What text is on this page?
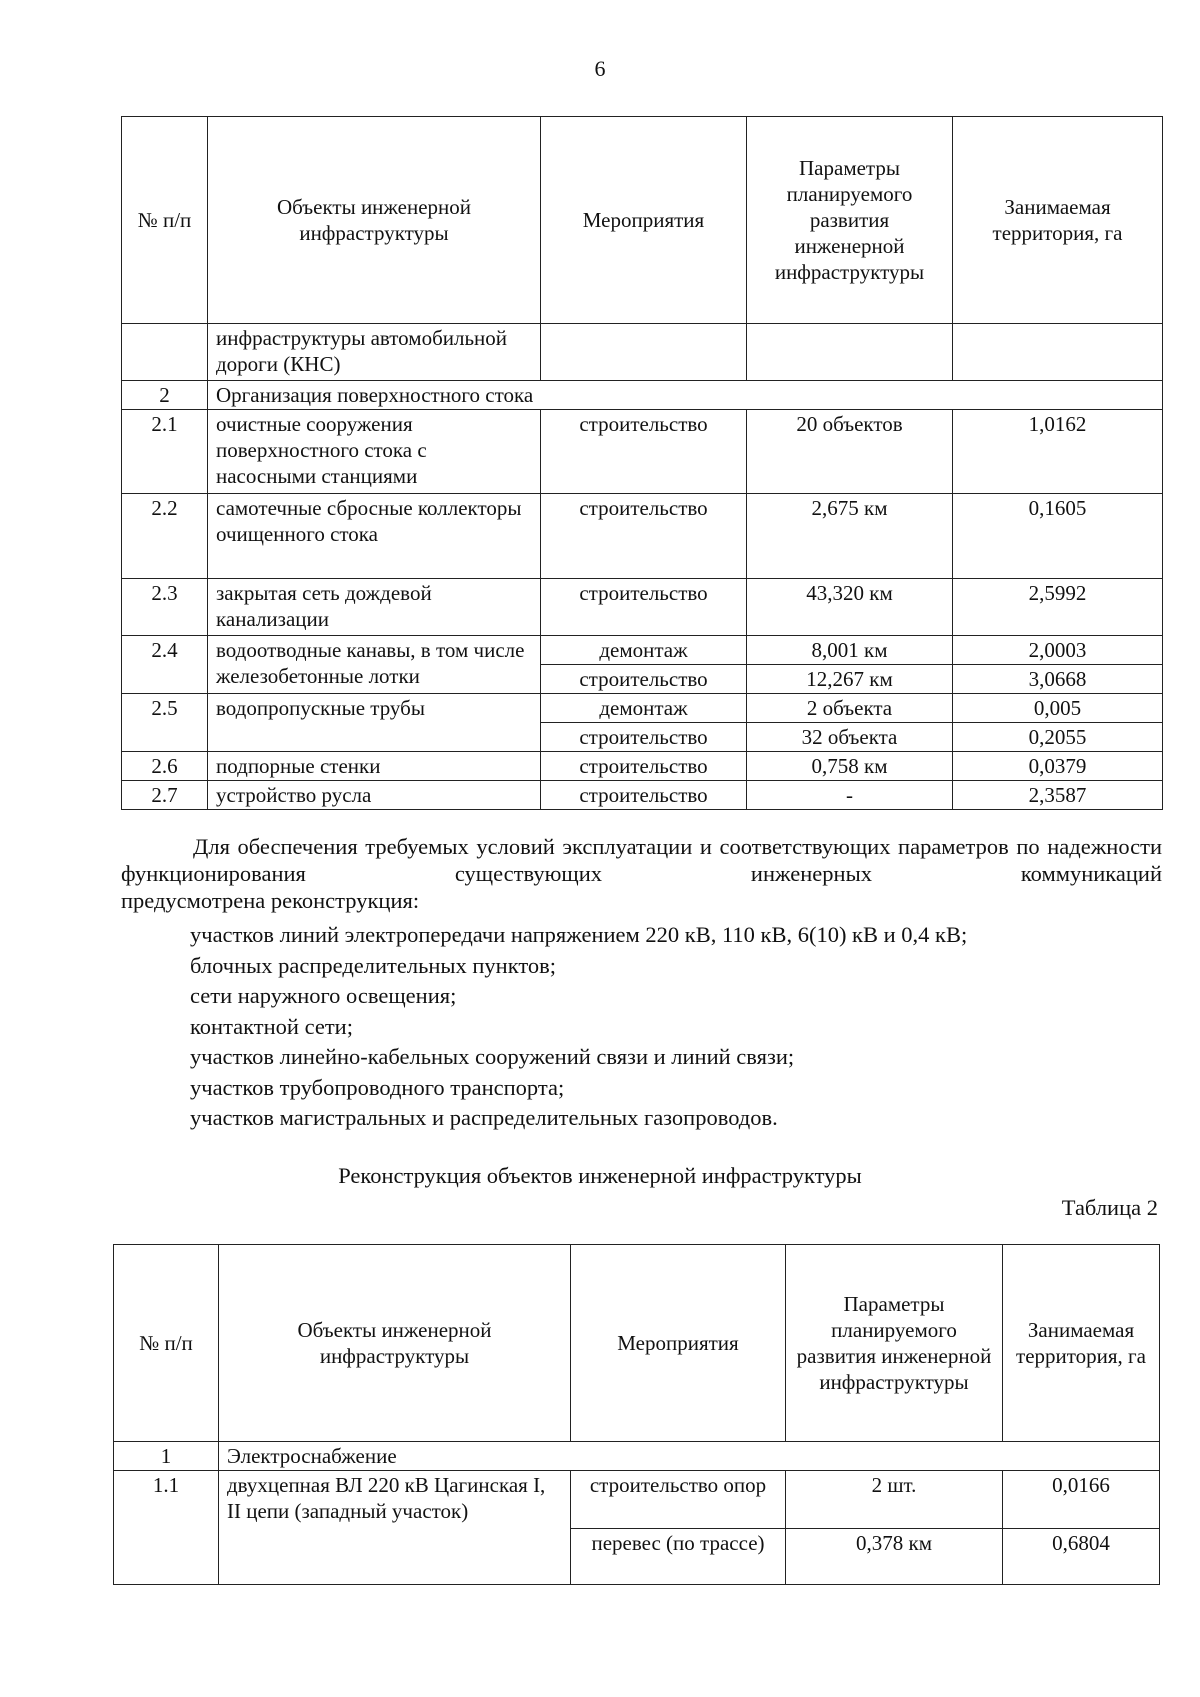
6
№ п/п	Объекты инженерной инфраструктуры	Мероприятия	Параметры планируемого развития инженерной инфраструктуры	Занимаемая территория, га
	инфраструктуры автомобильной дороги (КНС)			
2	Организация поверхностного стока			
2.1	очистные сооружения поверхностного стока с насосными станциями	строительство	20 объектов	1,0162
2.2	самотечные сбросные коллекторы очищенного стока	строительство	2,675 км	0,1605
2.3	закрытая сеть дождевой канализации	строительство	43,320 км	2,5992
2.4	водоотводные канавы, в том числе железобетонные лотки	демонтаж	8,001 км	2,0003
		строительство	12,267 км	3,0668
2.5	водопропускные трубы	демонтаж	2 объекта	0,005
		строительство	32 объекта	0,2055
2.6	подпорные стенки	строительство	0,758 км	0,0379
2.7	устройство русла	строительство	-	2,3587
Для обеспечения требуемых условий эксплуатации и соответствующих параметров по надежности функционирования существующих инженерных коммуникаций
предусмотрена реконструкция:
участков линий электропередачи напряжением 220 кВ, 110 кВ, 6(10) кВ и 0,4 кВ;
блочных распределительных пунктов;
сети наружного освещения;
контактной сети;
участков линейно-кабельных сооружений связи и линий связи;
участков трубопроводного транспорта;
участков магистральных и распределительных газопроводов.
Реконструкция объектов инженерной инфраструктуры
Таблица 2
№ п/п	Объекты инженерной инфраструктуры	Мероприятия	Параметры планируемого развития инженерной инфраструктуры	Занимаемая территория, га
1	Электроснабжение			
1.1	двухцепная ВЛ 220 кВ Цагинская I, II цепи (западный участок)	строительство опор	2 шт.	0,0166
		перевес (по трассе)	0,378 км	0,6804
